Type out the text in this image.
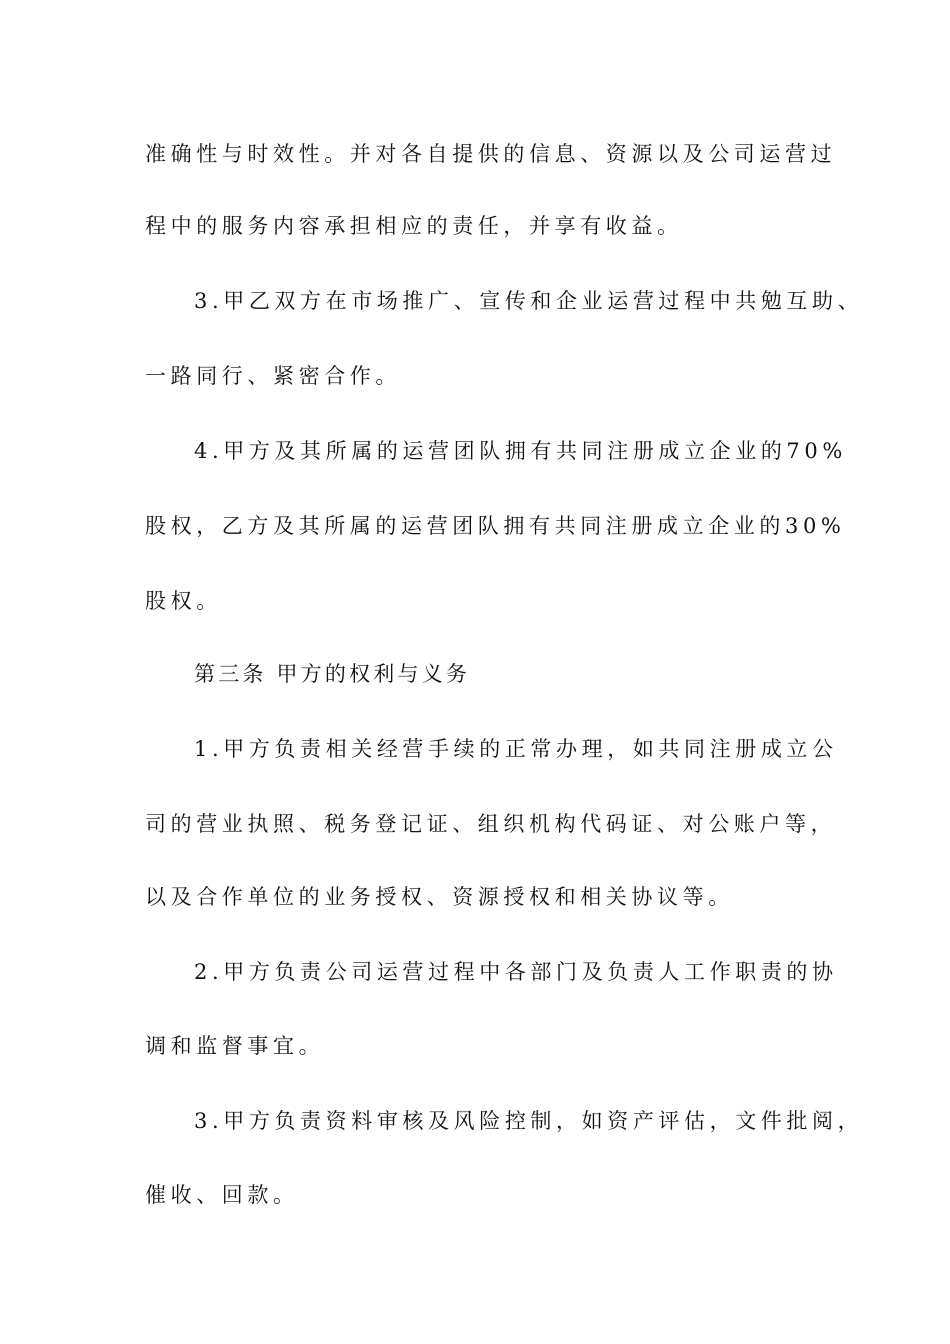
准确性与时效性。并对各自提供的信息、资源以及公司运营过
程中的服务内容承担相应的责任，并享有收益。
3.甲乙双方在市场推广、宣传和企业运营过程中共勉互助、
一路同行、紧密合作。
4.甲方及其所属的运营团队拥有共同注册成立企业的70%
股权，乙方及其所属的运营团队拥有共同注册成立企业的30%
股权。
第三条 甲方的权利与义务
1.甲方负责相关经营手续的正常办理，如共同注册成立公
司的营业执照、税务登记证、组织机构代码证、对公账户等，
以及合作单位的业务授权、资源授权和相关协议等。
2.甲方负责公司运营过程中各部门及负责人工作职责的协
调和监督事宜。
3.甲方负责资料审核及风险控制，如资产评估，文件批阅，
催收、回款。
